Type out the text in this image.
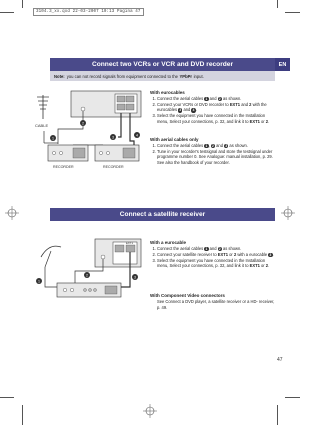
3104.3_xx.qxd 22-03-2007 10:13 Pagina 47
Connect two VCRs or VCR and DVD recorder	EN
Note: you can not record signals from equipment connected to the YPbPr input.
CABLE
RECORDER	RECORDER
1
2
3	4
With eurocables
1. Connect the aerial cables 1 and 2 as shown.
2. Connect your VCRs or DVD recorder to EXT1 and 2 with the eurocables 3 and 4.
3. Select the equipment you have connected in the Installation menu, Select your connections, p. 32, and link it to EXT1 or 2.
With aerial cables only
1. Connect the aerial cables 1, 2 and 3 as shown.
2. Tune in your recorder's testsignal and store the testsignal under programme number 0. See Analogue: manual installation, p. 29. See also the handbook of your recorder.
Connect a satellite receiver
EXT1
1
2	3
With a eurocable
1. Connect the aerial cables 1 and 2 as shown.
2. Connect your satellite receiver to EXT1 or 2 with a eurocable 3.
3. Select the equipment you have connected in the Installation menu, Select your connections, p. 32, and link it to EXT1 or 2.
With Component Video connectors

See Connect a DVD player, a satellite receiver or a HD- receiver, p. 49.

47
